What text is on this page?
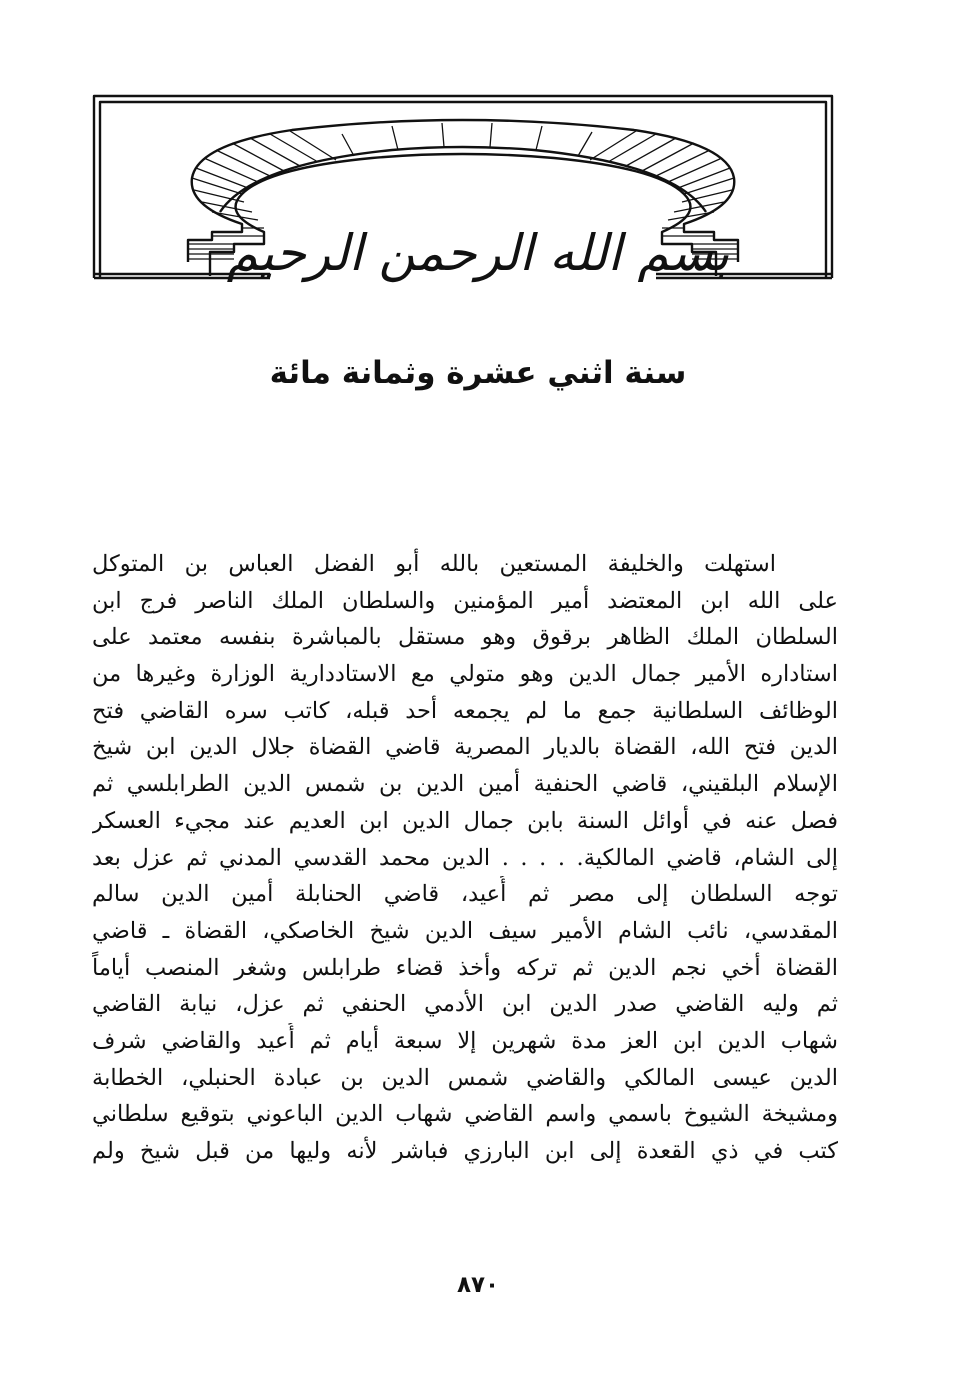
بسم الله الرحمن الرحيم
سنة اثني عشرة وثمانة مائة
استهلت والخليفة المستعين بالله أبو الفضل العباس بن المتوكل
على الله ابن المعتضد أمير المؤمنين والسلطان الملك الناصر فرج ابن
السلطان الملك الظاهر برقوق وهو مستقل بالمباشرة بنفسه معتمد على
استاداره الأمير جمال الدين وهو متولي مع الاستاددارية الوزارة وغيرها من
الوظائف السلطانية جمع ما لم يجمعه أحد قبله، كاتب سره القاضي فتح
الدين فتح الله، القضاة بالديار المصرية قاضي القضاة جلال الدين ابن شيخ
الإسلام البلقيني، قاضي الحنفية أمين الدين بن شمس الدين الطرابلسي ثم
فصل عنه في أوائل السنة بابن جمال الدين ابن العديم عند مجيء العسكر
إلى الشام، قاضي المالكية. . . . . الدين محمد القدسي المدني ثم عزل بعد
توجه السلطان إلى مصر ثم أُعيد، قاضي الحنابلة أمين الدين سالم
المقدسي، نائب الشام الأمير سيف الدين شيخ الخاصكي، القضاة ـ قاضي
القضاة أخي نجم الدين ثم تركه وأخذ قضاء طرابلس وشغر المنصب أياماً
ثم وليه القاضي صدر الدين ابن الأدمي الحنفي ثم عزل، نيابة القاضي
شهاب الدين ابن العز مدة شهرين إلا سبعة أيام ثم أُعيد والقاضي شرف
الدين عيسى المالكي والقاضي شمس الدين بن عبادة الحنبلي، الخطابة
ومشيخة الشيوخ باسمي واسم القاضي شهاب الدين الباعوني بتوقيع سلطاني
كتب في ذي القعدة إلى ابن البارزي فباشر لأنه وليها من قبل شيخ ولم
٨٧٠
